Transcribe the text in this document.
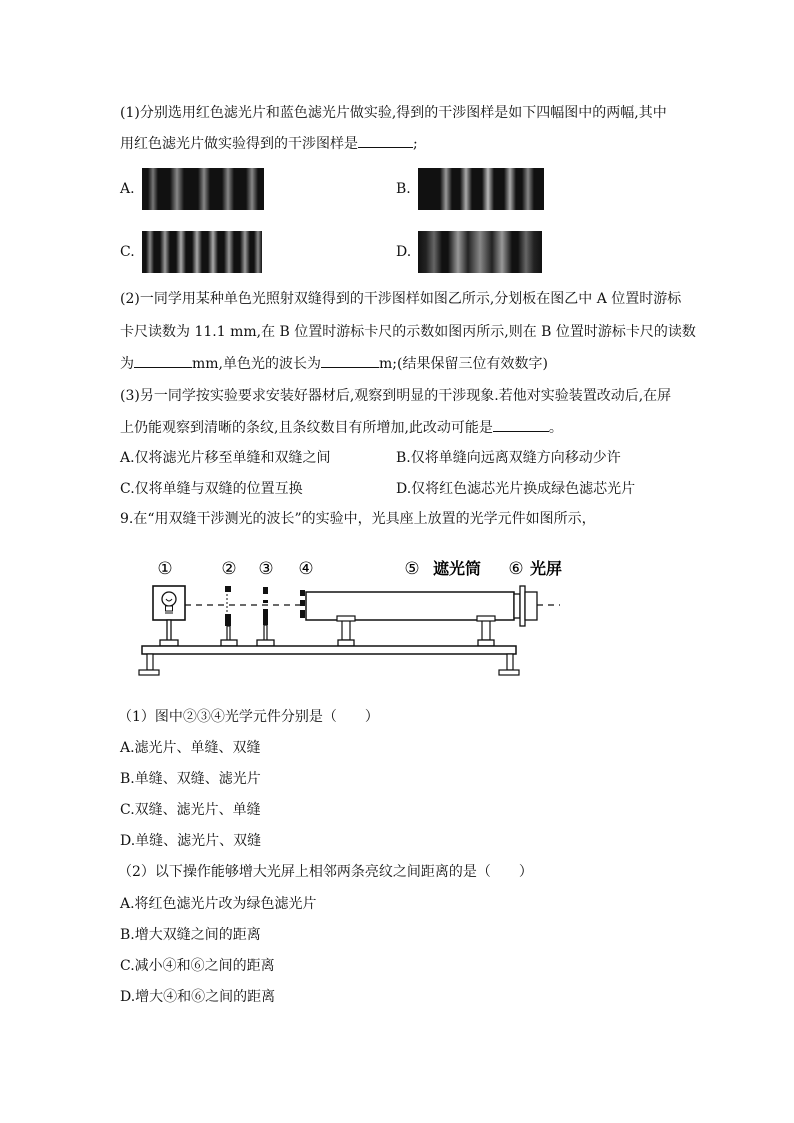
(1)分别选用红色滤光片和蓝色滤光片做实验,得到的干涉图样是如下四幅图中的两幅,其中
用红色滤光片做实验得到的干涉图样是	;
A.	B.
C.	D.
(2)一同学用某种单色光照射双缝得到的干涉图样如图乙所示,分划板在图乙中 A 位置时游标
卡尺读数为 11.1 mm,在 B 位置时游标卡尺的示数如图丙所示,则在 B 位置时游标卡尺的读数
为	mm,单色光的波长为	m;(结果保留三位有效数字)
(3)另一同学按实验要求安装好器材后,观察到明显的干涉现象.若他对实验装置改动后,在屏
上仍能观察到清晰的条纹,且条纹数目有所增加,此改动可能是	。
A.仅将滤光片移至单缝和双缝之间	B.仅将单缝向远离双缝方向移动少许
C.仅将单缝与双缝的位置互换	D.仅将红色滤芯光片换成绿色滤芯光片
9.在“用双缝干涉测光的波长”的实验中，光具座上放置的光学元件如图所示，
①	② ③ ④	⑤ 遮光筒 ⑥ 光屏
（1）图中②③④光学元件分别是（　　）
A.滤光片、单缝、双缝
B.单缝、双缝、滤光片
C.双缝、滤光片、单缝
D.单缝、滤光片、双缝
（2）以下操作能够增大光屏上相邻两条亮纹之间距离的是（　　）
A.将红色滤光片改为绿色滤光片
B.增大双缝之间的距离
C.减小④和⑥之间的距离
D.增大④和⑥之间的距离
